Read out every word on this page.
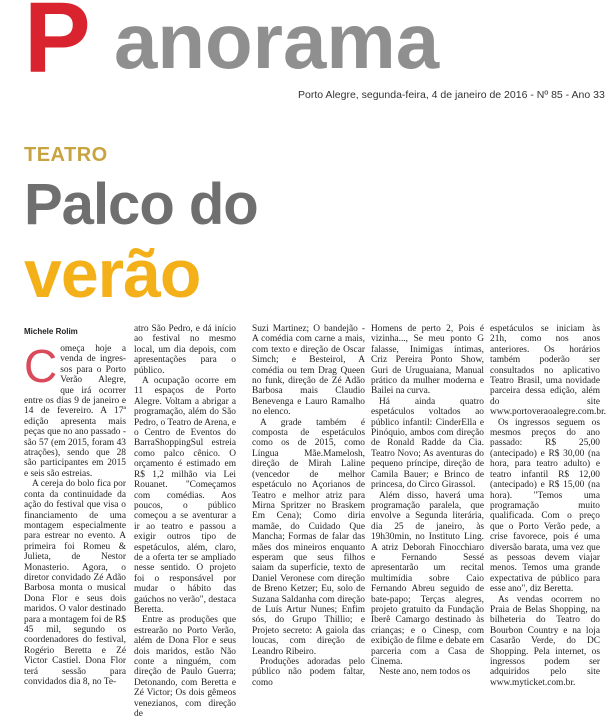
P anorama
Porto Alegre, segunda-feira, 4 de janeiro de 2016 - Nº 85 - Ano 33
TEATRO
Palco do
verão
Michele Rolim

Começa hoje a venda de ingres-sos para o Porto Verão Alegre, que irá ocorrer entre os dias 9 de janeiro e 14 de fevereiro. A 17ª edição apresenta mais peças que no ano passado - são 57 (em 2015, foram 43 atrações), sendo que 28 são participantes em 2015 e seis são estreias.

A cereja do bolo fica por conta da continuidade da ação do festival que visa o financiamento de uma montagem especialmente para estrear no evento. A primeira foi Romeu & Julieta, de Nestor Monasterio. Agora, o diretor convidado Zé Adão Barbosa monta o musical Dona Flor e seus dois maridos. O valor destinado para a montagem foi de R$ 45 mil, segundo os coordenadores do festival, Rogério Beretta e Zé Victor Castiel. Dona Flor terá sessão para convidados dia 8, no Te-

atro São Pedro, e dá início ao festival no mesmo local, um dia depois, com apresentações para o público.

A ocupação ocorre em 11 espaços de Porto Alegre. Voltam a abrigar a programação, além do São Pedro, o Teatro de Arena, e o Centro de Eventos do BarraShoppingSul estreia como palco cênico. O orçamento é estimado em R$ 1,2 milhão via Lei Rouanet. "Começamos com comédias. Aos poucos, o público começou a se aventurar a ir ao teatro e passou a exigir outros tipo de espetáculos, além, claro, de a oferta ter se ampliado nesse sentido. O projeto foi o responsável por mudar o hábito das gaúchos no verão", destaca Beretta.

Entre as produções que estrearão no Porto Verão, além de Dona Flor e seus dois maridos, estão Não conte a ninguém, com direção de Paulo Guerra; Detonando, com Beretta e Zé Victor; Os dois gêmeos venezianos, com direção de

Suzi Martinez; O bandejão - A comédia com carne a mais, com texto e direção de Oscar Simch; e Besteirol, A comédia ou tem Drag Queen no funk, direção de Zé Adão Barbosa mais Claudio Benevenga e Lauro Ramalho no elenco.

A grade também é composta de espetáculos como os de 2015, como Língua Mãe.Mamelosh, direção de Mirah Laline (vencedor de melhor espetáculo no Açorianos de Teatro e melhor atriz para Mirna Spritzer no Braskem Em Cena); Como diria mamãe, do Cuidado Que Mancha; Formas de falar das mães dos mineiros enquanto esperam que seus filhos saiam da superfície, texto de Daniel Veronese com direção de Breno Ketzer; Eu, solo de Suzana Saldanha com direção de Luís Artur Nunes; Enfim sós, do Grupo Thillio; e Projeto secreto: A gaiola das loucas, com direção de Leandro Ribeiro.

Produções adoradas pelo público não podem faltar, como

Homens de perto 2, Pois é vizinha..., Se meu ponto G falasse, Inimigas íntimas, Criz Pereira Ponto Show, Guri de Uruguaiana, Manual prático da mulher moderna e Bailei na curva.

Há ainda quatro espetáculos voltados ao público infantil: CinderElla e Pinóquio, ambos com direção de Ronald Radde da Cia. Teatro Novo; As aventuras do pequeno príncipe, direção de Camila Bauer; e Brinco de princesa, do Circo Girassol.

Além disso, haverá uma programação paralela, que envolve a Segunda literária, dia 25 de janeiro, às 19h30min, no Instituto Ling. A atriz Deborah Finocchiaro e Fernando Sessé apresentarão um recital multimídia sobre Caio Fernando Abreu seguido de bate-papo; Terças alegres, projeto gratuito da Fundação Iberê Camargo destinado às crianças; e o Cinesp, com exibição de filme e debate em parceria com a Casa de Cinema.

Neste ano, nem todos os

espetáculos se iniciam às 21h, como nos anos anteriores. Os horários também poderão ser consultados no aplicativo Teatro Brasil, uma novidade parceira dessa edição, além do site www.portoveraoalegre.com.br.

Os ingressos seguem os mesmos preços do ano passado: R$ 25,00 (antecipado) e R$ 30,00 (na hora, para teatro adulto) e teatro infantil R$ 12,00 (antecipado) e R$ 15,00 (na hora). "Temos uma programação muito qualificada. Com o preço que o Porto Verão pede, a crise favorece, pois é uma diversão barata, uma vez que as pessoas devem viajar menos. Temos uma grande expectativa de público para esse ano", diz Beretta.

As vendas ocorrem no Praia de Belas Shopping, na bilheteria do Teatro do Bourbon Country e na loja Casarão Verde, do DC Shopping. Pela internet, os ingressos podem ser adquiridos pelo site www.myticket.com.br.
